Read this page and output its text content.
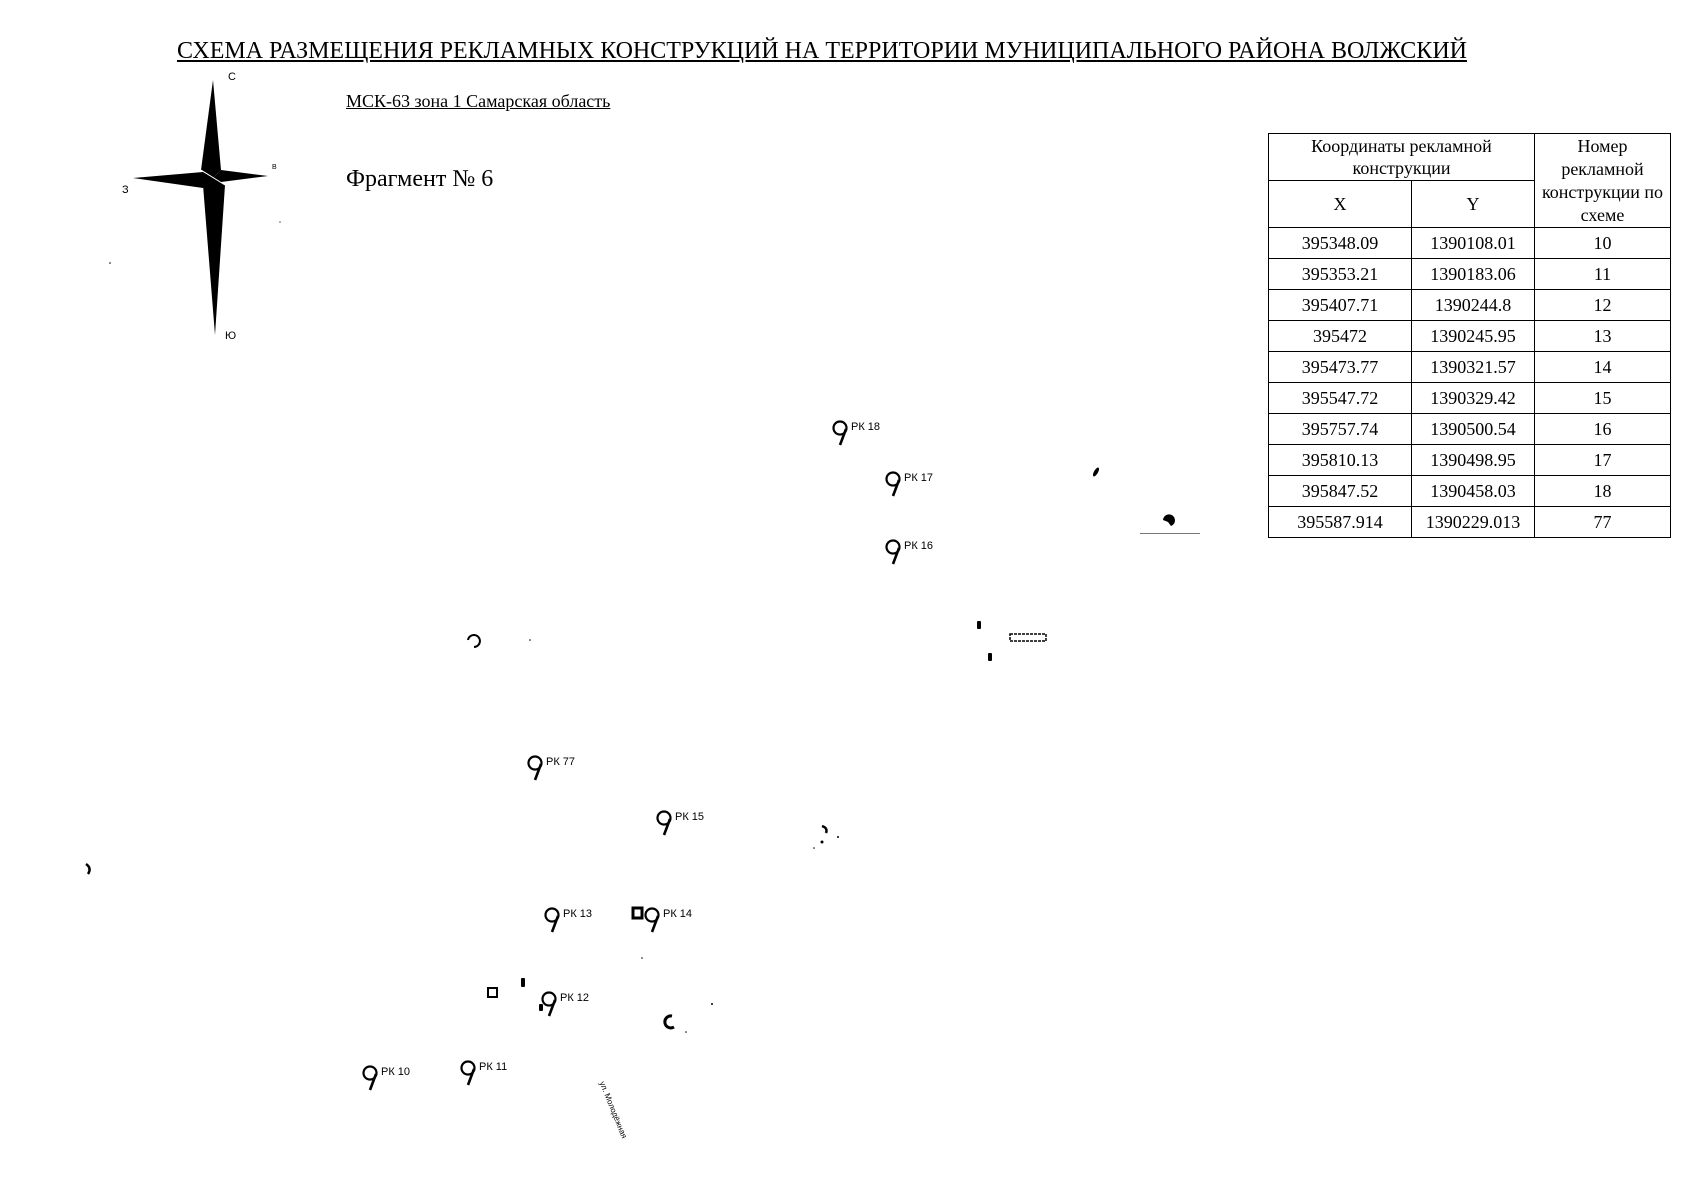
СХЕМА РАЗМЕЩЕНИЯ РЕКЛАМНЫХ КОНСТРУКЦИЙ НА ТЕРРИТОРИИ МУНИЦИПАЛЬНОГО РАЙОНА ВОЛЖСКИЙ
МСК-63 зона 1 Самарская область
Фрагмент № 6
С
Ю
З
В
РК 18
РК 17
РК 16
РК 77
РК 15
РК 13	РК 14
РК 12
РК 10	РК 11
ул. Молодёжная
Координаты рекламной конструкции		Номер рекламной конструкции по схеме
X	Y	
395348.09	1390108.01	10
395353.21	1390183.06	11
395407.71	1390244.8	12
395472	1390245.95	13
395473.77	1390321.57	14
395547.72	1390329.42	15
395757.74	1390500.54	16
395810.13	1390498.95	17
395847.52	1390458.03	18
395587.914	1390229.013	77
